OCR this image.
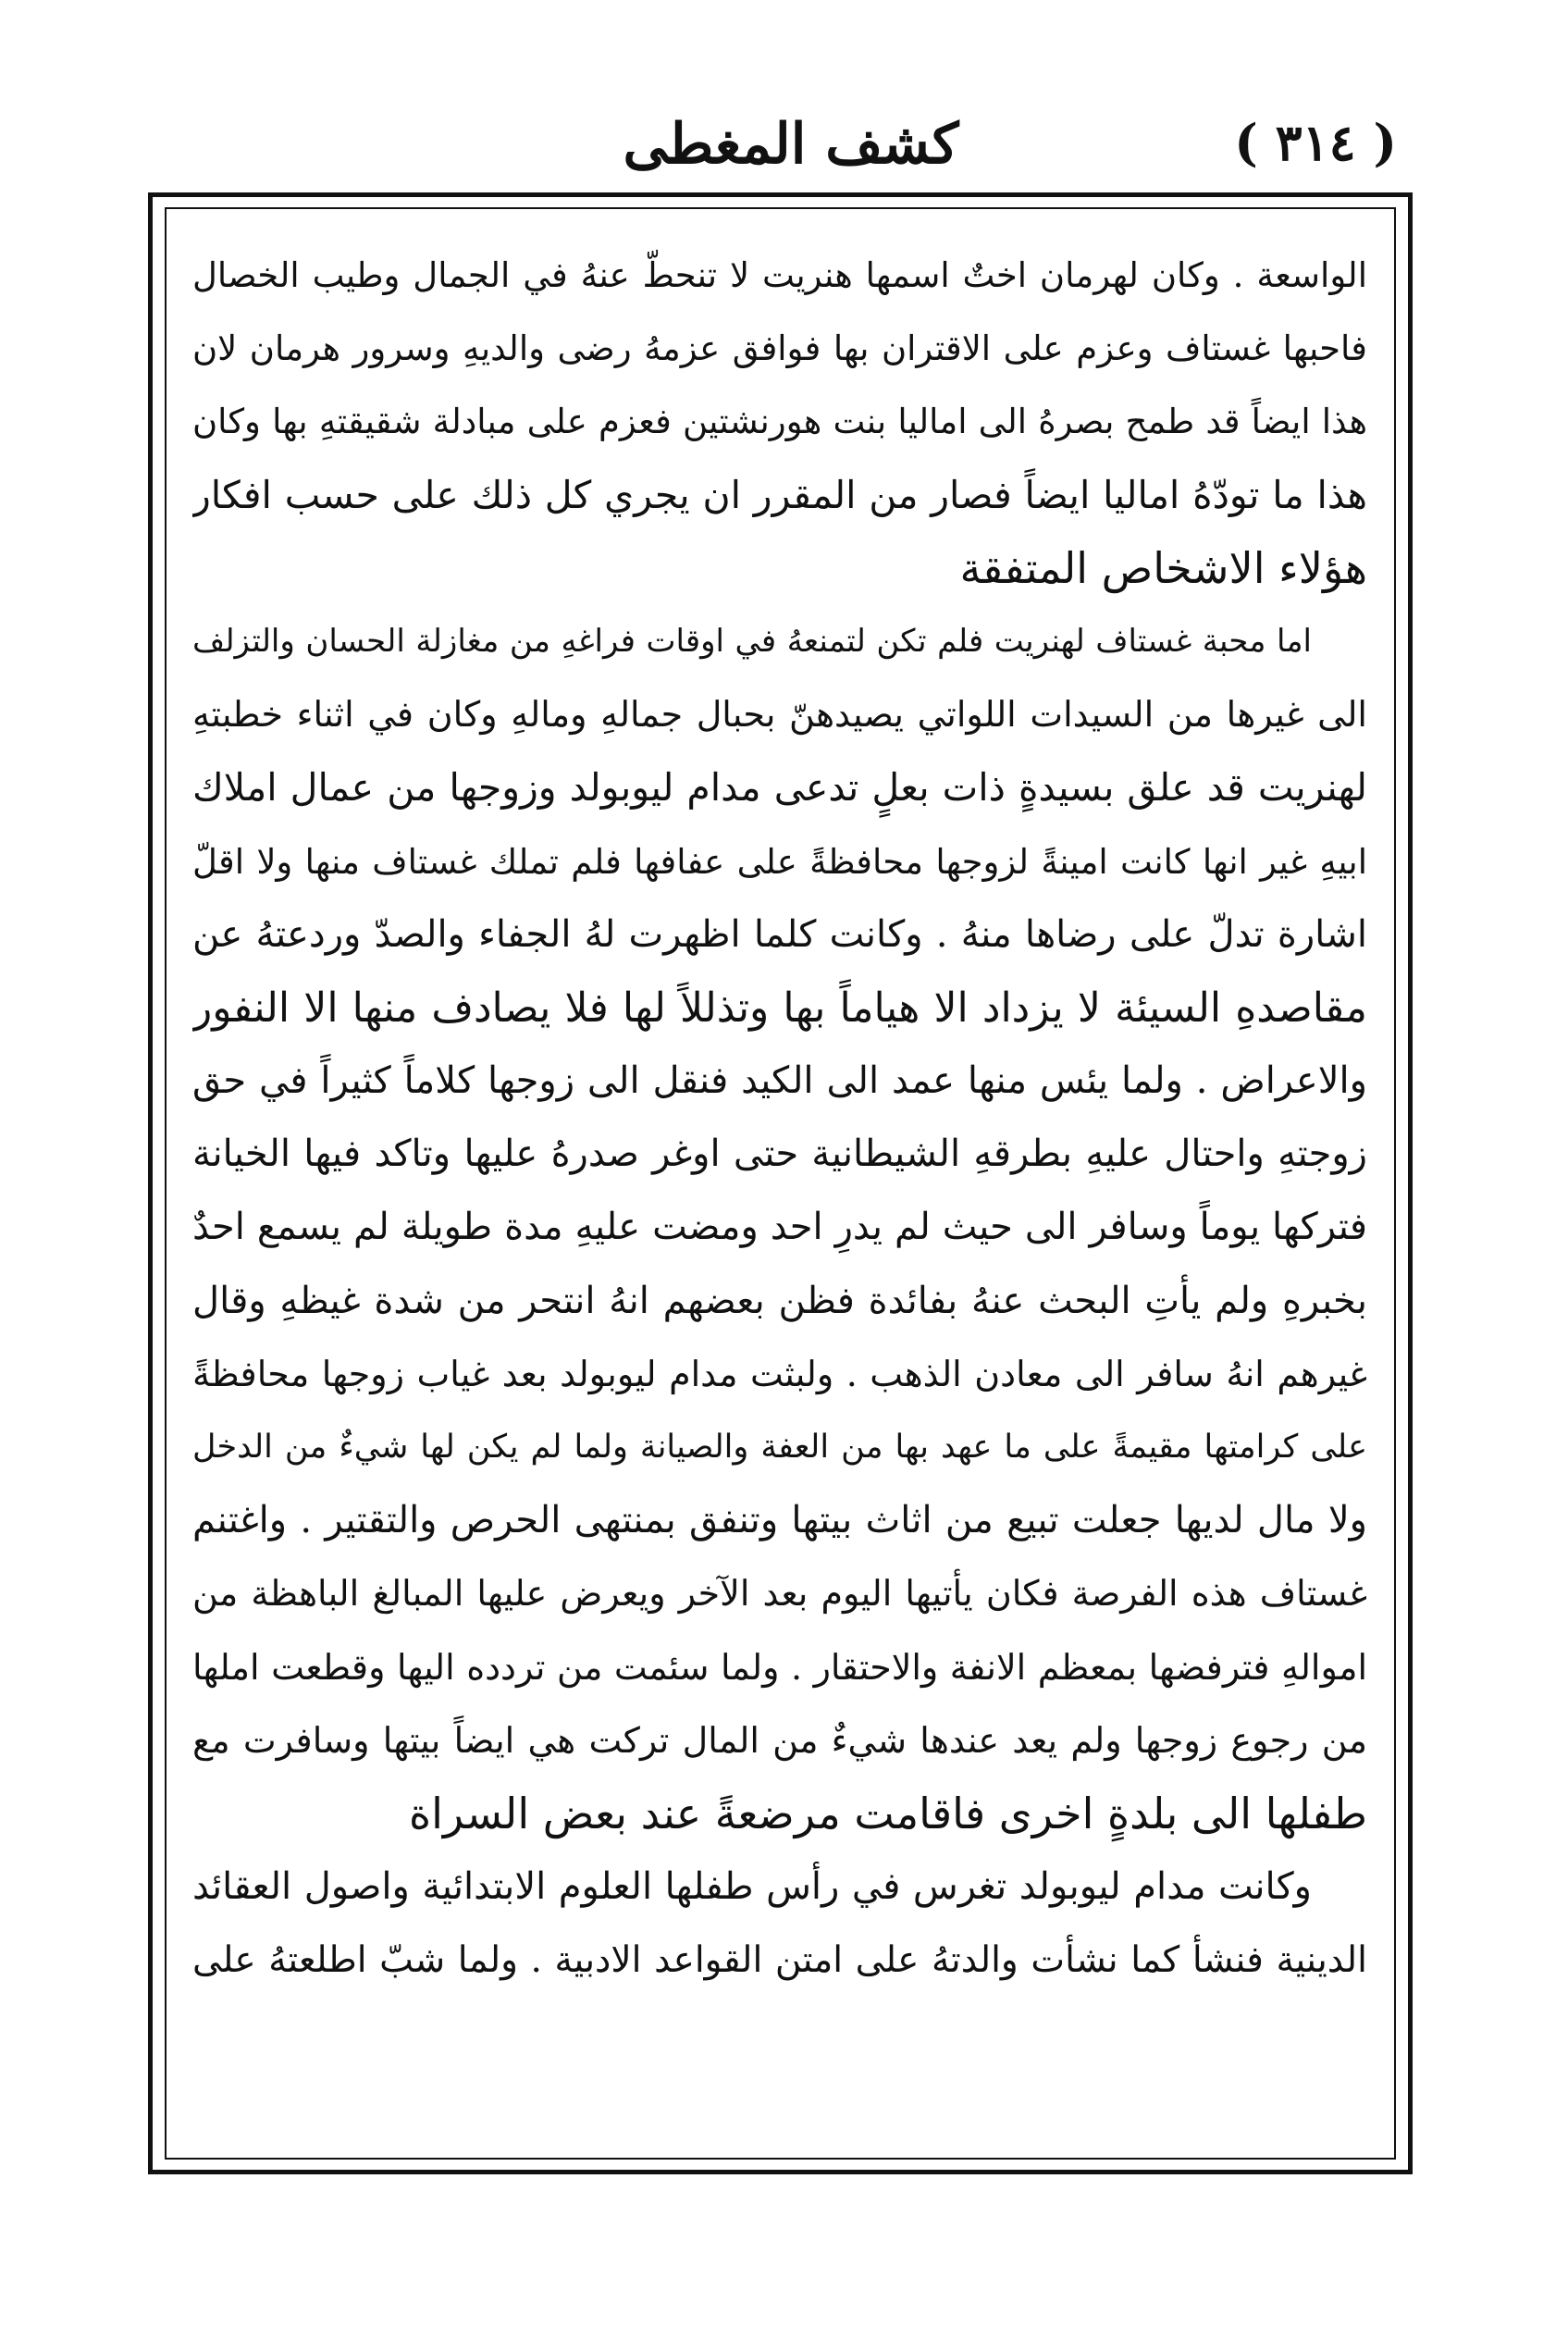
( ٣١٤ )
كشف المغطى
الواسعة . وكان لهرمان اختٌ اسمها هنريت لا تنحطّ عنهُ في الجمال وطيب الخصال
فاحبها غستاف وعزم على الاقتران بها فوافق عزمهُ رضى والديهِ وسرور هرمان لان
هذا ايضاً قد طمح بصرهُ الى اماليا بنت هورنشتين فعزم على مبادلة شقيقتهِ بها وكان
هذا ما تودّهُ اماليا ايضاً فصار من المقرر ان يجري كل ذلك على حسب افكار
هؤلاء الاشخاص المتفقة
اما محبة غستاف لهنريت فلم تكن لتمنعهُ في اوقات فراغهِ من مغازلة الحسان والتزلف
الى غيرها من السيدات اللواتي يصيدهنّ بحبال جمالهِ ومالهِ وكان في اثناء خطبتهِ
لهنريت قد علق بسيدةٍ ذات بعلٍ تدعى مدام ليوبولد وزوجها من عمال املاك
ابيهِ غير انها كانت امينةً لزوجها محافظةً على عفافها فلم تملك غستاف منها ولا اقلّ
اشارة تدلّ على رضاها منهُ . وكانت كلما اظهرت لهُ الجفاء والصدّ وردعتهُ عن
مقاصدهِ السيئة لا يزداد الا هياماً بها وتذللاً لها فلا يصادف منها الا النفور
والاعراض . ولما يئس منها عمد الى الكيد فنقل الى زوجها كلاماً كثيراً في حق
زوجتهِ واحتال عليهِ بطرقهِ الشيطانية حتى اوغر صدرهُ عليها وتاكد فيها الخيانة
فتركها يوماً وسافر الى حيث لم يدرِ احد ومضت عليهِ مدة طويلة لم يسمع احدٌ
بخبرهِ ولم يأتِ البحث عنهُ بفائدة فظن بعضهم انهُ انتحر من شدة غيظهِ وقال
غيرهم انهُ سافر الى معادن الذهب . ولبثت مدام ليوبولد بعد غياب زوجها محافظةً
على كرامتها مقيمةً على ما عهد بها من العفة والصيانة ولما لم يكن لها شيءٌ من الدخل
ولا مال لديها جعلت تبيع من اثاث بيتها وتنفق بمنتهى الحرص والتقتير . واغتنم
غستاف هذه الفرصة فكان يأتيها اليوم بعد الآخر ويعرض عليها المبالغ الباهظة من
اموالهِ فترفضها بمعظم الانفة والاحتقار . ولما سئمت من تردده اليها وقطعت املها
من رجوع زوجها ولم يعد عندها شيءٌ من المال تركت هي ايضاً بيتها وسافرت مع
طفلها الى بلدةٍ اخرى فاقامت مرضعةً عند بعض السراة
وكانت مدام ليوبولد تغرس في رأس طفلها العلوم الابتدائية واصول العقائد
الدينية فنشأ كما نشأت والدتهُ على امتن القواعد الادبية . ولما شبّ اطلعتهُ على
